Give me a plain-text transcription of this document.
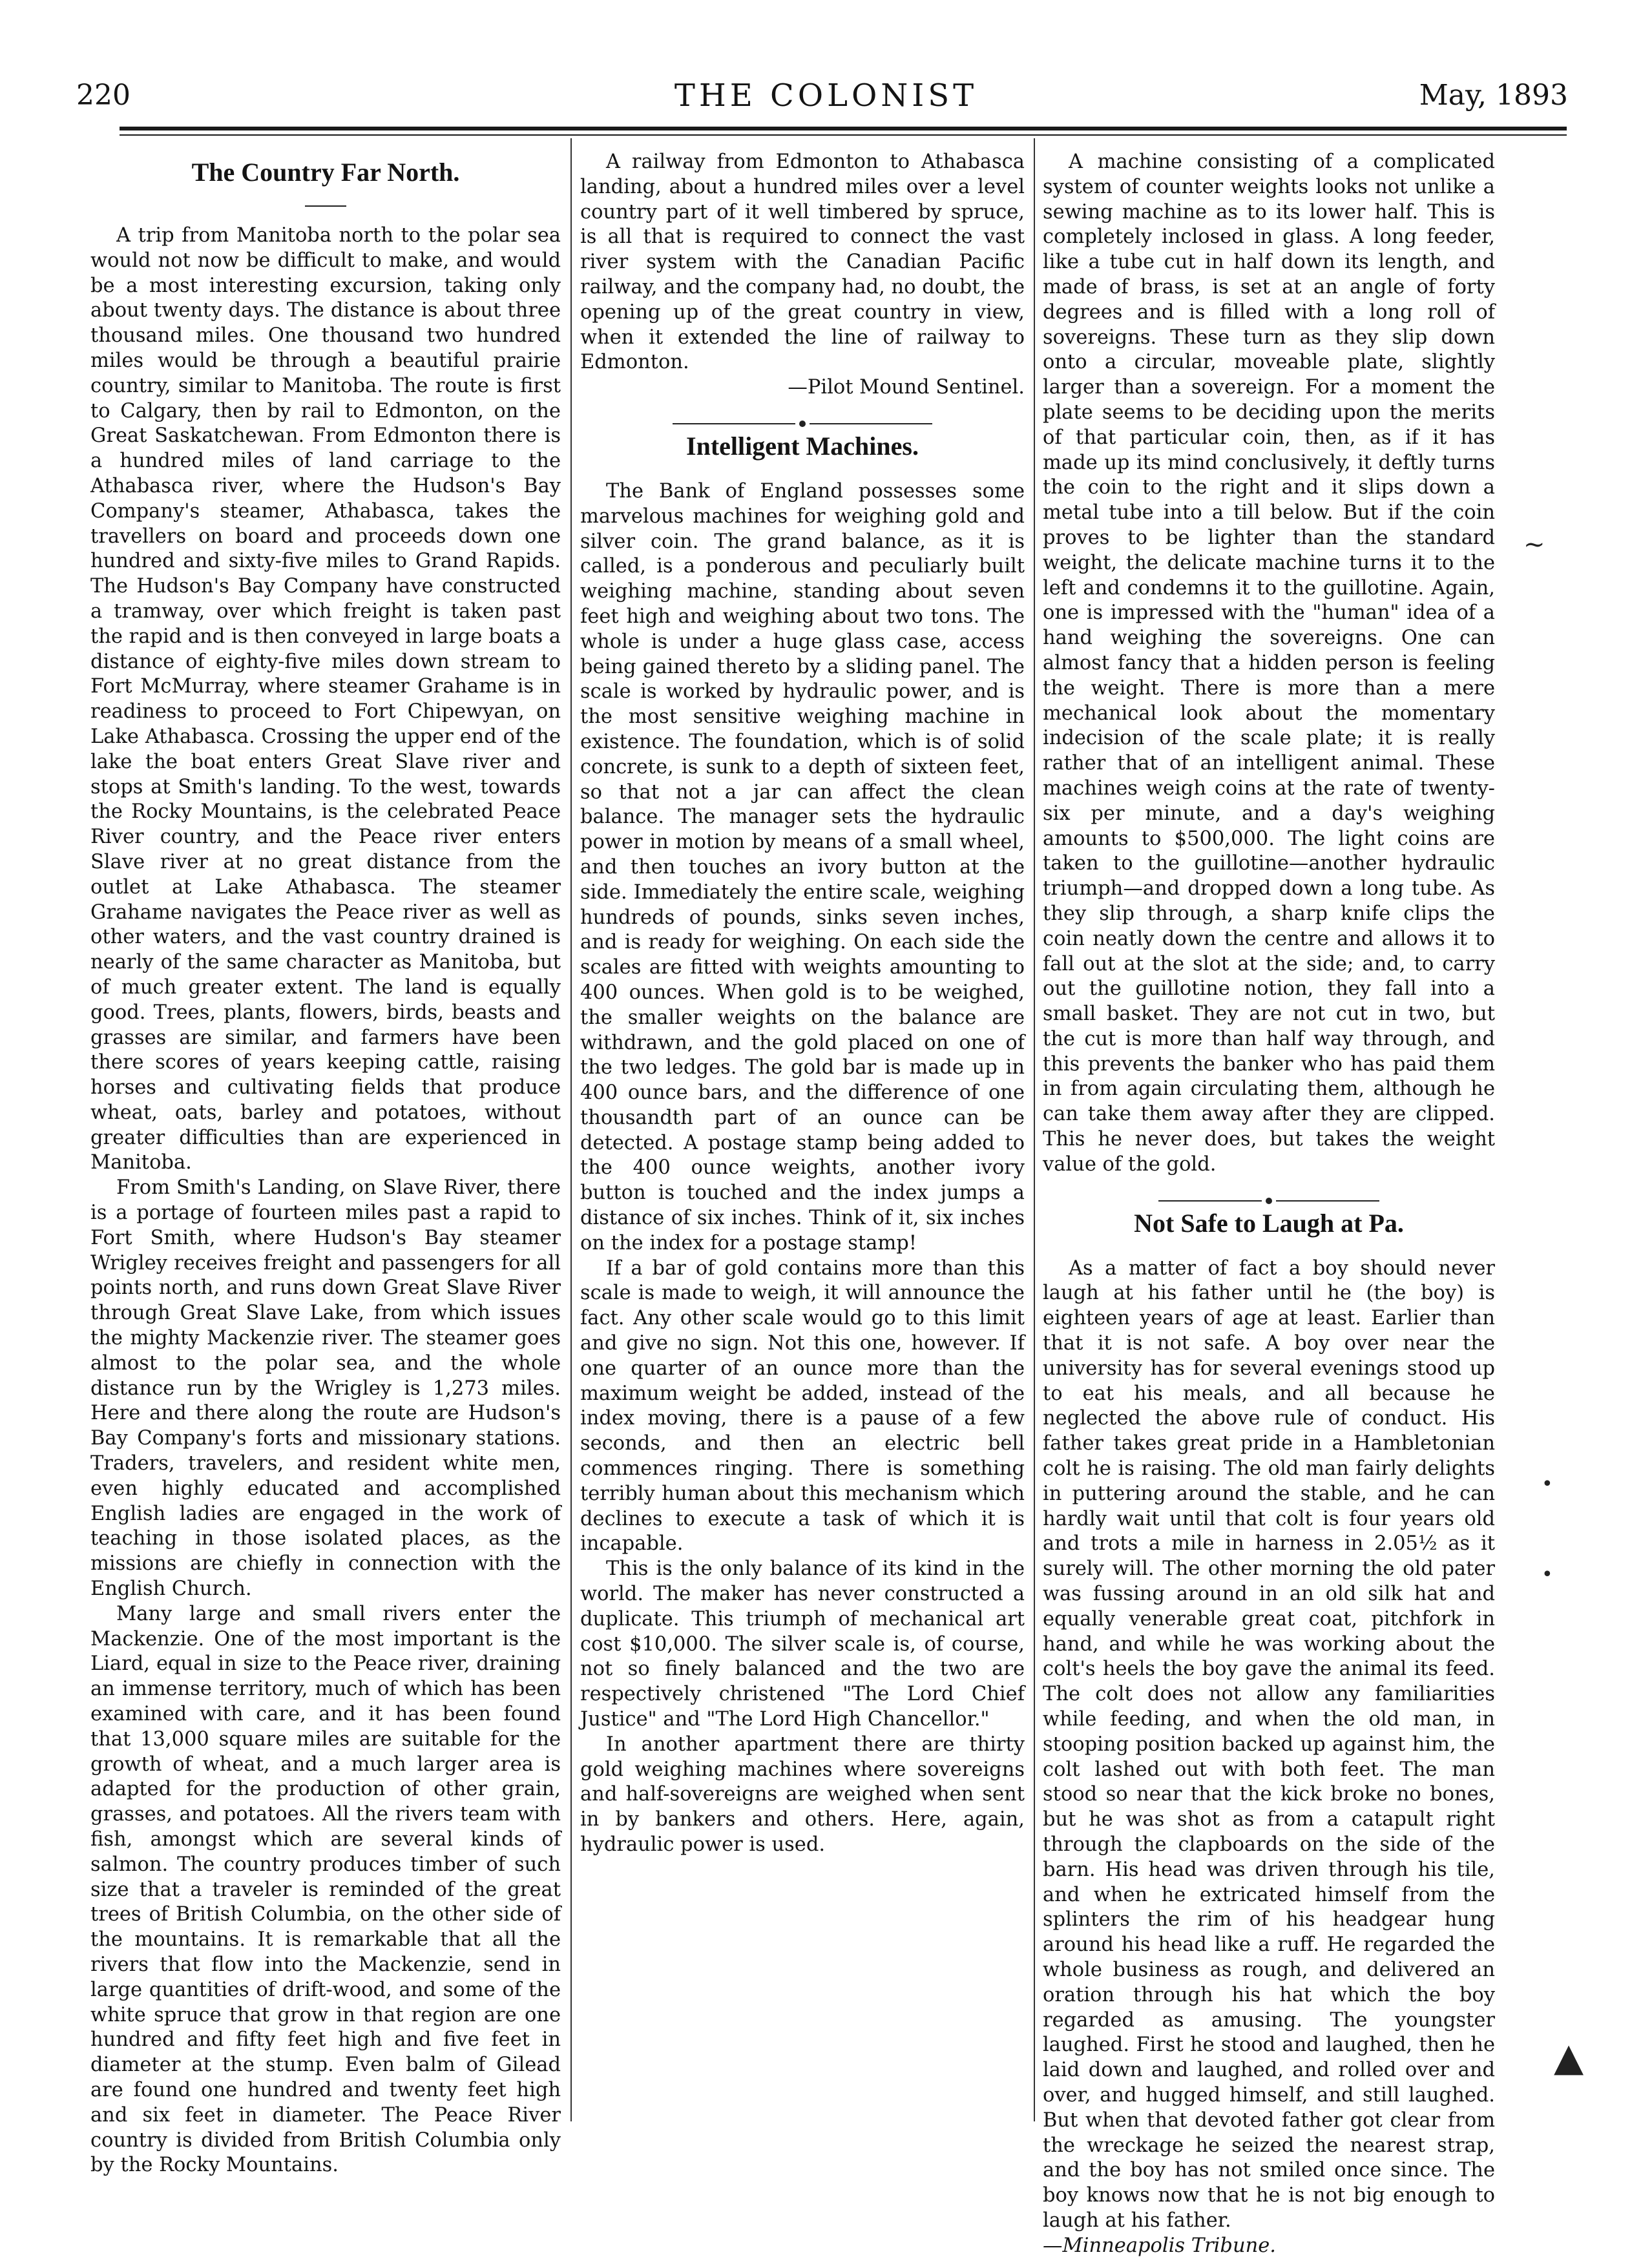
220	THE COLONIST	May, 1893
The Country Far North.

A trip from Manitoba north to the polar sea would not now be difficult to make, and would be a most interesting excursion, taking only about twenty days. The distance is about three thousand miles. One thousand two hundred miles would be through a beautiful prairie country, similar to Manitoba. The route is first to Calgary, then by rail to Edmonton, on the Great Saskatchewan. From Edmonton there is a hundred miles of land carriage to the Athabasca river, where the Hudson's Bay Company's steamer, Athabasca, takes the travellers on board and proceeds down one hundred and sixty-five miles to Grand Rapids. The Hudson's Bay Company have constructed a tramway, over which freight is taken past the rapid and is then conveyed in large boats a distance of eighty-five miles down stream to Fort McMurray, where steamer Grahame is in readiness to proceed to Fort Chipewyan, on Lake Athabasca. Crossing the upper end of the lake the boat enters Great Slave river and stops at Smith's landing. To the west, towards the Rocky Mountains, is the celebrated Peace River country, and the Peace river enters Slave river at no great distance from the outlet at Lake Athabasca. The steamer Grahame navigates the Peace river as well as other waters, and the vast country drained is nearly of the same character as Manitoba, but of much greater extent. The land is equally good. Trees, plants, flowers, birds, beasts and grasses are similar, and farmers have been there scores of years keeping cattle, raising horses and cultivating fields that produce wheat, oats, barley and potatoes, without greater difficulties than are experienced in Manitoba.

From Smith's Landing, on Slave River, there is a portage of fourteen miles past a rapid to Fort Smith, where Hudson's Bay steamer Wrigley receives freight and passengers for all points north, and runs down Great Slave River through Great Slave Lake, from which issues the mighty Mackenzie river. The steamer goes almost to the polar sea, and the whole distance run by the Wrigley is 1,273 miles. Here and there along the route are Hudson's Bay Company's forts and missionary stations. Traders, travelers, and resident white men, even highly educated and accomplished English ladies are engaged in the work of teaching in those isolated places, as the missions are chiefly in connection with the English Church.

Many large and small rivers enter the Mackenzie. One of the most important is the Liard, equal in size to the Peace river, draining an immense territory, much of which has been examined with care, and it has been found that 13,000 square miles are suitable for the growth of wheat, and a much larger area is adapted for the production of other grain, grasses, and potatoes. All the rivers team with fish, amongst which are several kinds of salmon. The country produces timber of such size that a traveler is reminded of the great trees of British Columbia, on the other side of the mountains. It is remarkable that all the rivers that flow into the Mackenzie, send in large quantities of drift-wood, and some of the white spruce that grow in that region are one hundred and fifty feet high and five feet in diameter at the stump. Even balm of Gilead are found one hundred and twenty feet high and six feet in diameter. The Peace River country is divided from British Columbia only by the Rocky Mountains.

A railway from Edmonton to Athabasca landing, about a hundred miles over a level country part of it well timbered by spruce, is all that is required to connect the vast river system with the Canadian Pacific railway, and the company had, no doubt, the opening up of the great country in view, when it extended the line of railway to Edmonton.

—Pilot Mound Sentinel.

Intelligent Machines.

The Bank of England possesses some marvelous machines for weighing gold and silver coin. The grand balance, as it is called, is a ponderous and peculiarly built weighing machine, standing about seven feet high and weighing about two tons. The whole is under a huge glass case, access being gained thereto by a sliding panel. The scale is worked by hydraulic power, and is the most sensitive weighing machine in existence. The foundation, which is of solid concrete, is sunk to a depth of sixteen feet, so that not a jar can affect the clean balance. The manager sets the hydraulic power in motion by means of a small wheel, and then touches an ivory button at the side. Immediately the entire scale, weighing hundreds of pounds, sinks seven inches, and is ready for weighing. On each side the scales are fitted with weights amounting to 400 ounces. When gold is to be weighed, the smaller weights on the balance are withdrawn, and the gold placed on one of the two ledges. The gold bar is made up in 400 ounce bars, and the difference of one thousandth part of an ounce can be detected. A postage stamp being added to the 400 ounce weights, another ivory button is touched and the index jumps a distance of six inches. Think of it, six inches on the index for a postage stamp!

If a bar of gold contains more than this scale is made to weigh, it will announce the fact. Any other scale would go to this limit and give no sign. Not this one, however. If one quarter of an ounce more than the maximum weight be added, instead of the index moving, there is a pause of a few seconds, and then an electric bell commences ringing. There is something terribly human about this mechanism which declines to execute a task of which it is incapable.

This is the only balance of its kind in the world. The maker has never constructed a duplicate. This triumph of mechanical art cost $10,000. The silver scale is, of course, not so finely balanced and the two are respectively christened "The Lord Chief Justice" and "The Lord High Chancellor."

In another apartment there are thirty gold weighing machines where sovereigns and half-sovereigns are weighed when sent in by bankers and others. Here, again, hydraulic power is used.

A machine consisting of a complicated system of counter weights looks not unlike a sewing machine as to its lower half. This is completely inclosed in glass. A long feeder, like a tube cut in half down its length, and made of brass, is set at an angle of forty degrees and is filled with a long roll of sovereigns. These turn as they slip down onto a circular, moveable plate, slightly larger than a sovereign. For a moment the plate seems to be deciding upon the merits of that particular coin, then, as if it has made up its mind conclusively, it deftly turns the coin to the right and it slips down a metal tube into a till below. But if the coin proves to be lighter than the standard weight, the delicate machine turns it to the left and condemns it to the guillotine. Again, one is impressed with the "human" idea of a hand weighing the sovereigns. One can almost fancy that a hidden person is feeling the weight. There is more than a mere mechanical look about the momentary indecision of the scale plate; it is really rather that of an intelligent animal. These machines weigh coins at the rate of twenty-six per minute, and a day's weighing amounts to $500,000. The light coins are taken to the guillotine—another hydraulic triumph—and dropped down a long tube. As they slip through, a sharp knife clips the coin neatly down the centre and allows it to fall out at the slot at the side; and, to carry out the guillotine notion, they fall into a small basket. They are not cut in two, but the cut is more than half way through, and this prevents the banker who has paid them in from again circulating them, although he can take them away after they are clipped. This he never does, but takes the weight value of the gold.

Not Safe to Laugh at Pa.

As a matter of fact a boy should never laugh at his father until he (the boy) is eighteen years of age at least. Earlier than that it is not safe. A boy over near the university has for several evenings stood up to eat his meals, and all because he neglected the above rule of conduct. His father takes great pride in a Hambletonian colt he is raising. The old man fairly delights in puttering around the stable, and he can hardly wait until that colt is four years old and trots a mile in harness in 2.05½ as it surely will. The other morning the old pater was fussing around in an old silk hat and equally venerable great coat, pitchfork in hand, and while he was working about the colt's heels the boy gave the animal its feed. The colt does not allow any familiarities while feeding, and when the old man, in stooping position backed up against him, the colt lashed out with both feet. The man stood so near that the kick broke no bones, but he was shot as from a catapult right through the clapboards on the side of the barn. His head was driven through his tile, and when he extricated himself from the splinters the rim of his headgear hung around his head like a ruff. He regarded the whole business as rough, and delivered an oration through his hat which the boy regarded as amusing. The youngster laughed. First he stood and laughed, then he laid down and laughed, and rolled over and over, and hugged himself, and still laughed. But when that devoted father got clear from the wreckage he seized the nearest strap, and the boy has not smiled once since. The boy knows now that he is not big enough to laugh at his father.

—Minneapolis Tribune.

~
•
•
▲
